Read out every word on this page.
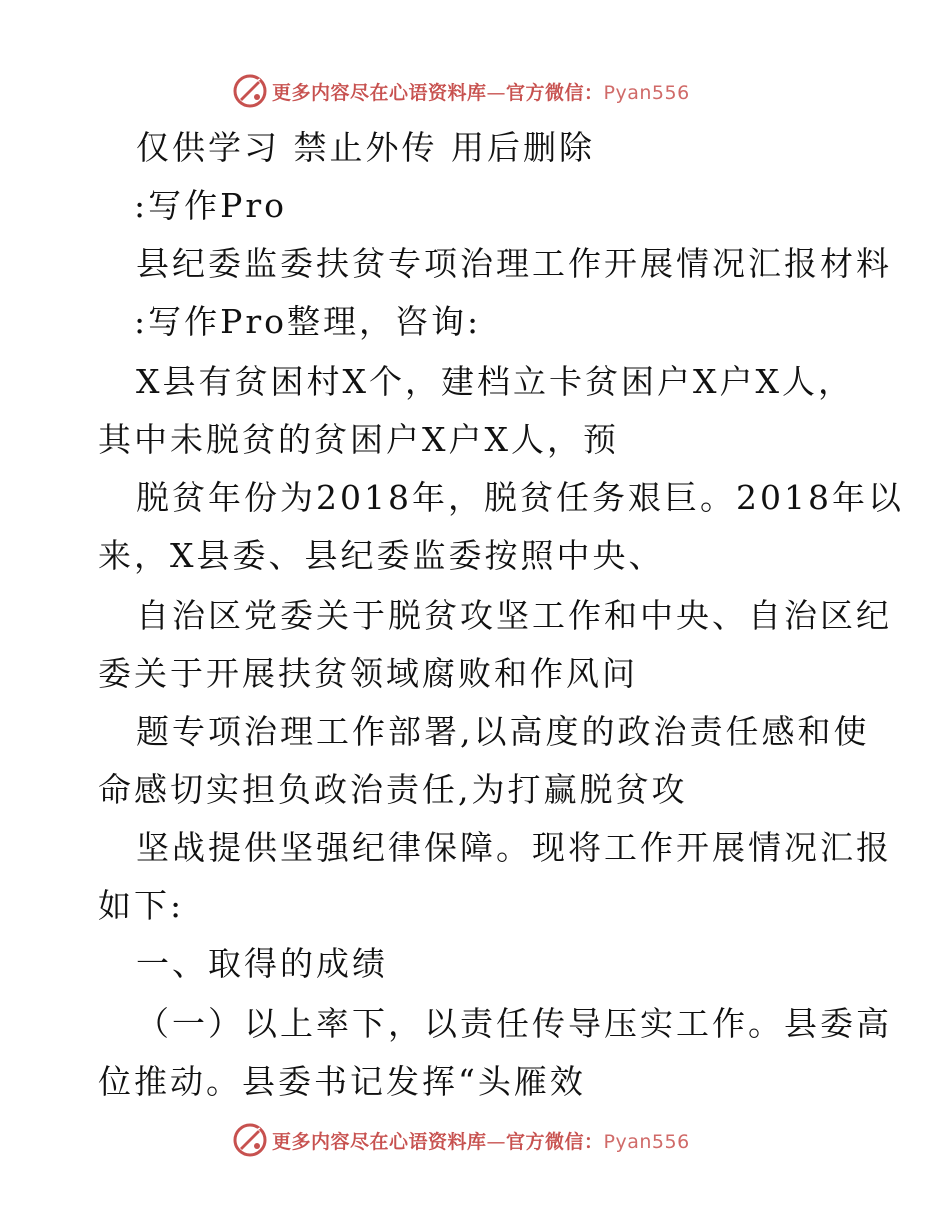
更多内容尽在心语资料库—官方微信：Pyan556
仅供学习 禁止外传 用后删除
:写作Pro
县纪委监委扶贫专项治理工作开展情况汇报材料
:写作Pro整理，咨询:
X县有贫困村X个，建档立卡贫困户X户X人，
其中未脱贫的贫困户X户X人，预
脱贫年份为2018年，脱贫任务艰巨。2018年以
来，X县委、县纪委监委按照中央、
自治区党委关于脱贫攻坚工作和中央、自治区纪
委关于开展扶贫领域腐败和作风问
题专项治理工作部署,以高度的政治责任感和使
命感切实担负政治责任,为打赢脱贫攻
坚战提供坚强纪律保障。现将工作开展情况汇报
如下:
一、取得的成绩
（一）以上率下，以责任传导压实工作。县委高
位推动。县委书记发挥“头雁效
更多内容尽在心语资料库—官方微信：Pyan556
